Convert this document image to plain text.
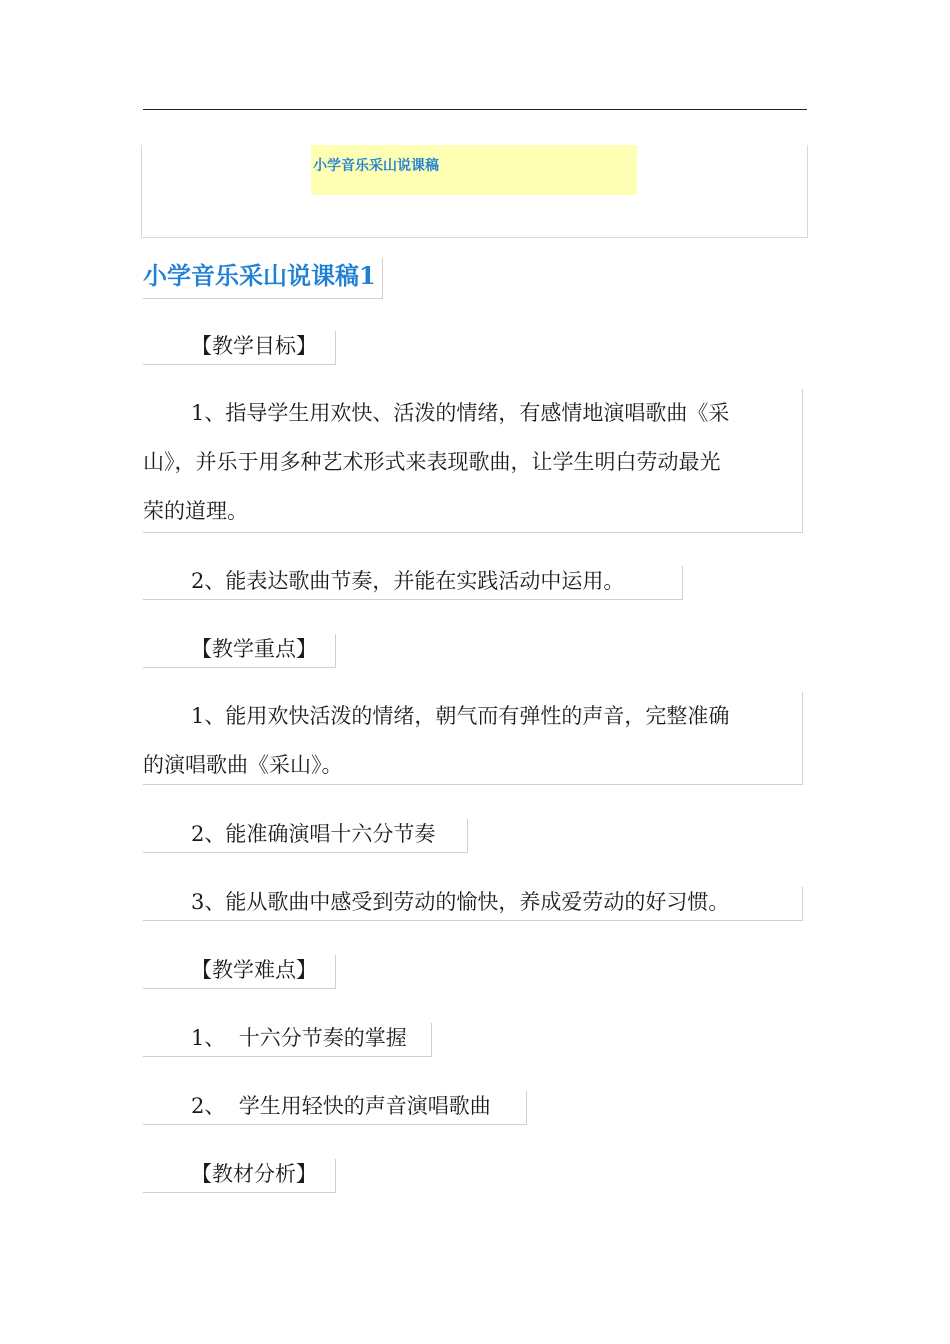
小学音乐采山说课稿
小学音乐采山说课稿1
【教学目标】
1、指导学生用欢快、活泼的情绪，有感情地演唱歌曲《采
山》，并乐于用多种艺术形式来表现歌曲，让学生明白劳动最光
荣的道理。
2、能表达歌曲节奏，并能在实践活动中运用。
【教学重点】
1、能用欢快活泼的情绪，朝气而有弹性的声音，完整准确
的演唱歌曲《采山》。
2、能准确演唱十六分节奏
3、能从歌曲中感受到劳动的愉快，养成爱劳动的好习惯。
【教学难点】
1、  十六分节奏的掌握
2、  学生用轻快的声音演唱歌曲
【教材分析】
